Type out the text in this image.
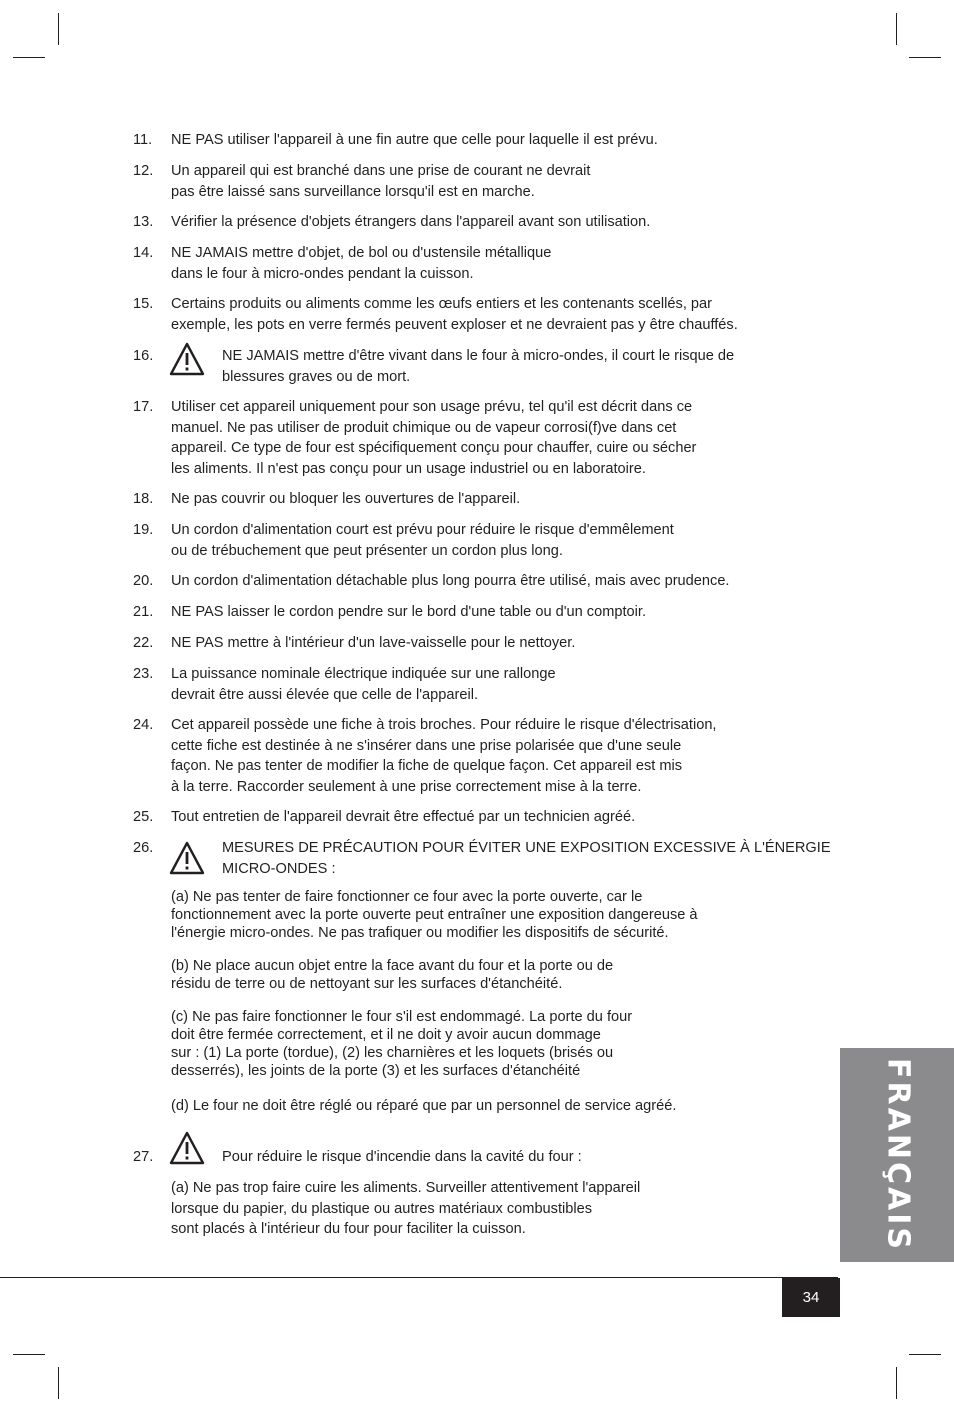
11. NE PAS utiliser l'appareil à une fin autre que celle pour laquelle il est prévu.
12. Un appareil qui est branché dans une prise de courant ne devrait
pas être laissé sans surveillance lorsqu'il est en marche.
13. Vérifier la présence d'objets étrangers dans l'appareil avant son utilisation.
14. NE JAMAIS mettre d'objet, de bol ou d'ustensile métallique
dans le four à micro-ondes pendant la cuisson.
15. Certains produits ou aliments comme les œufs entiers et les contenants scellés, par
exemple, les pots en verre fermés peuvent exploser et ne devraient pas y être chauffés.
16.	NE JAMAIS mettre d'être vivant dans le four à micro-ondes, il court le risque de
blessures graves ou de mort.
17. Utiliser cet appareil uniquement pour son usage prévu, tel qu'il est décrit dans ce
manuel. Ne pas utiliser de produit chimique ou de vapeur corrosi(f)ve dans cet
appareil. Ce type de four est spécifiquement conçu pour chauffer, cuire ou sécher
les aliments. Il n'est pas conçu pour un usage industriel ou en laboratoire.
18. Ne pas couvrir ou bloquer les ouvertures de l'appareil.
19. Un cordon d'alimentation court est prévu pour réduire le risque d'emmêlement
ou de trébuchement que peut présenter un cordon plus long.
20. Un cordon d'alimentation détachable plus long pourra être utilisé, mais avec prudence.
21. NE PAS laisser le cordon pendre sur le bord d'une table ou d'un comptoir.
22. NE PAS mettre à l'intérieur d'un lave-vaisselle pour le nettoyer.
23. La puissance nominale électrique indiquée sur une rallonge
devrait être aussi élevée que celle de l'appareil.
24. Cet appareil possède une fiche à trois broches. Pour réduire le risque d'électrisation,
cette fiche est destinée à ne s'insérer dans une prise polarisée que d'une seule
façon. Ne pas tenter de modifier la fiche de quelque façon. Cet appareil est mis
à la terre. Raccorder seulement à une prise correctement mise à la terre.
25. Tout entretien de l'appareil devrait être effectué par un technicien agréé.
26.	MESURES DE PRÉCAUTION POUR ÉVITER UNE EXPOSITION EXCESSIVE À L'ÉNERGIE
MICRO-ONDES :
(a) Ne pas tenter de faire fonctionner ce four avec la porte ouverte, car le
fonctionnement avec la porte ouverte peut entraîner une exposition dangereuse à
l'énergie micro-ondes. Ne pas trafiquer ou modifier les dispositifs de sécurité.
(b) Ne place aucun objet entre la face avant du four et la porte ou de
résidu de terre ou de nettoyant sur les surfaces d'étanchéité.
(c) Ne pas faire fonctionner le four s'il est endommagé. La porte du four
doit être fermée correctement, et il ne doit y avoir aucun dommage
sur : (1) La porte (tordue), (2) les charnières et les loquets (brisés ou
desserrés), les joints de la porte (3) et les surfaces d'étanchéité
(d) Le four ne doit être réglé ou réparé que par un personnel de service agréé.
27.	Pour réduire le risque d'incendie dans la cavité du four :
(a) Ne pas trop faire cuire les aliments. Surveiller attentivement l'appareil
lorsque du papier, du plastique ou autres matériaux combustibles
sont placés à l'intérieur du four pour faciliter la cuisson.	FRANÇAIS
34
